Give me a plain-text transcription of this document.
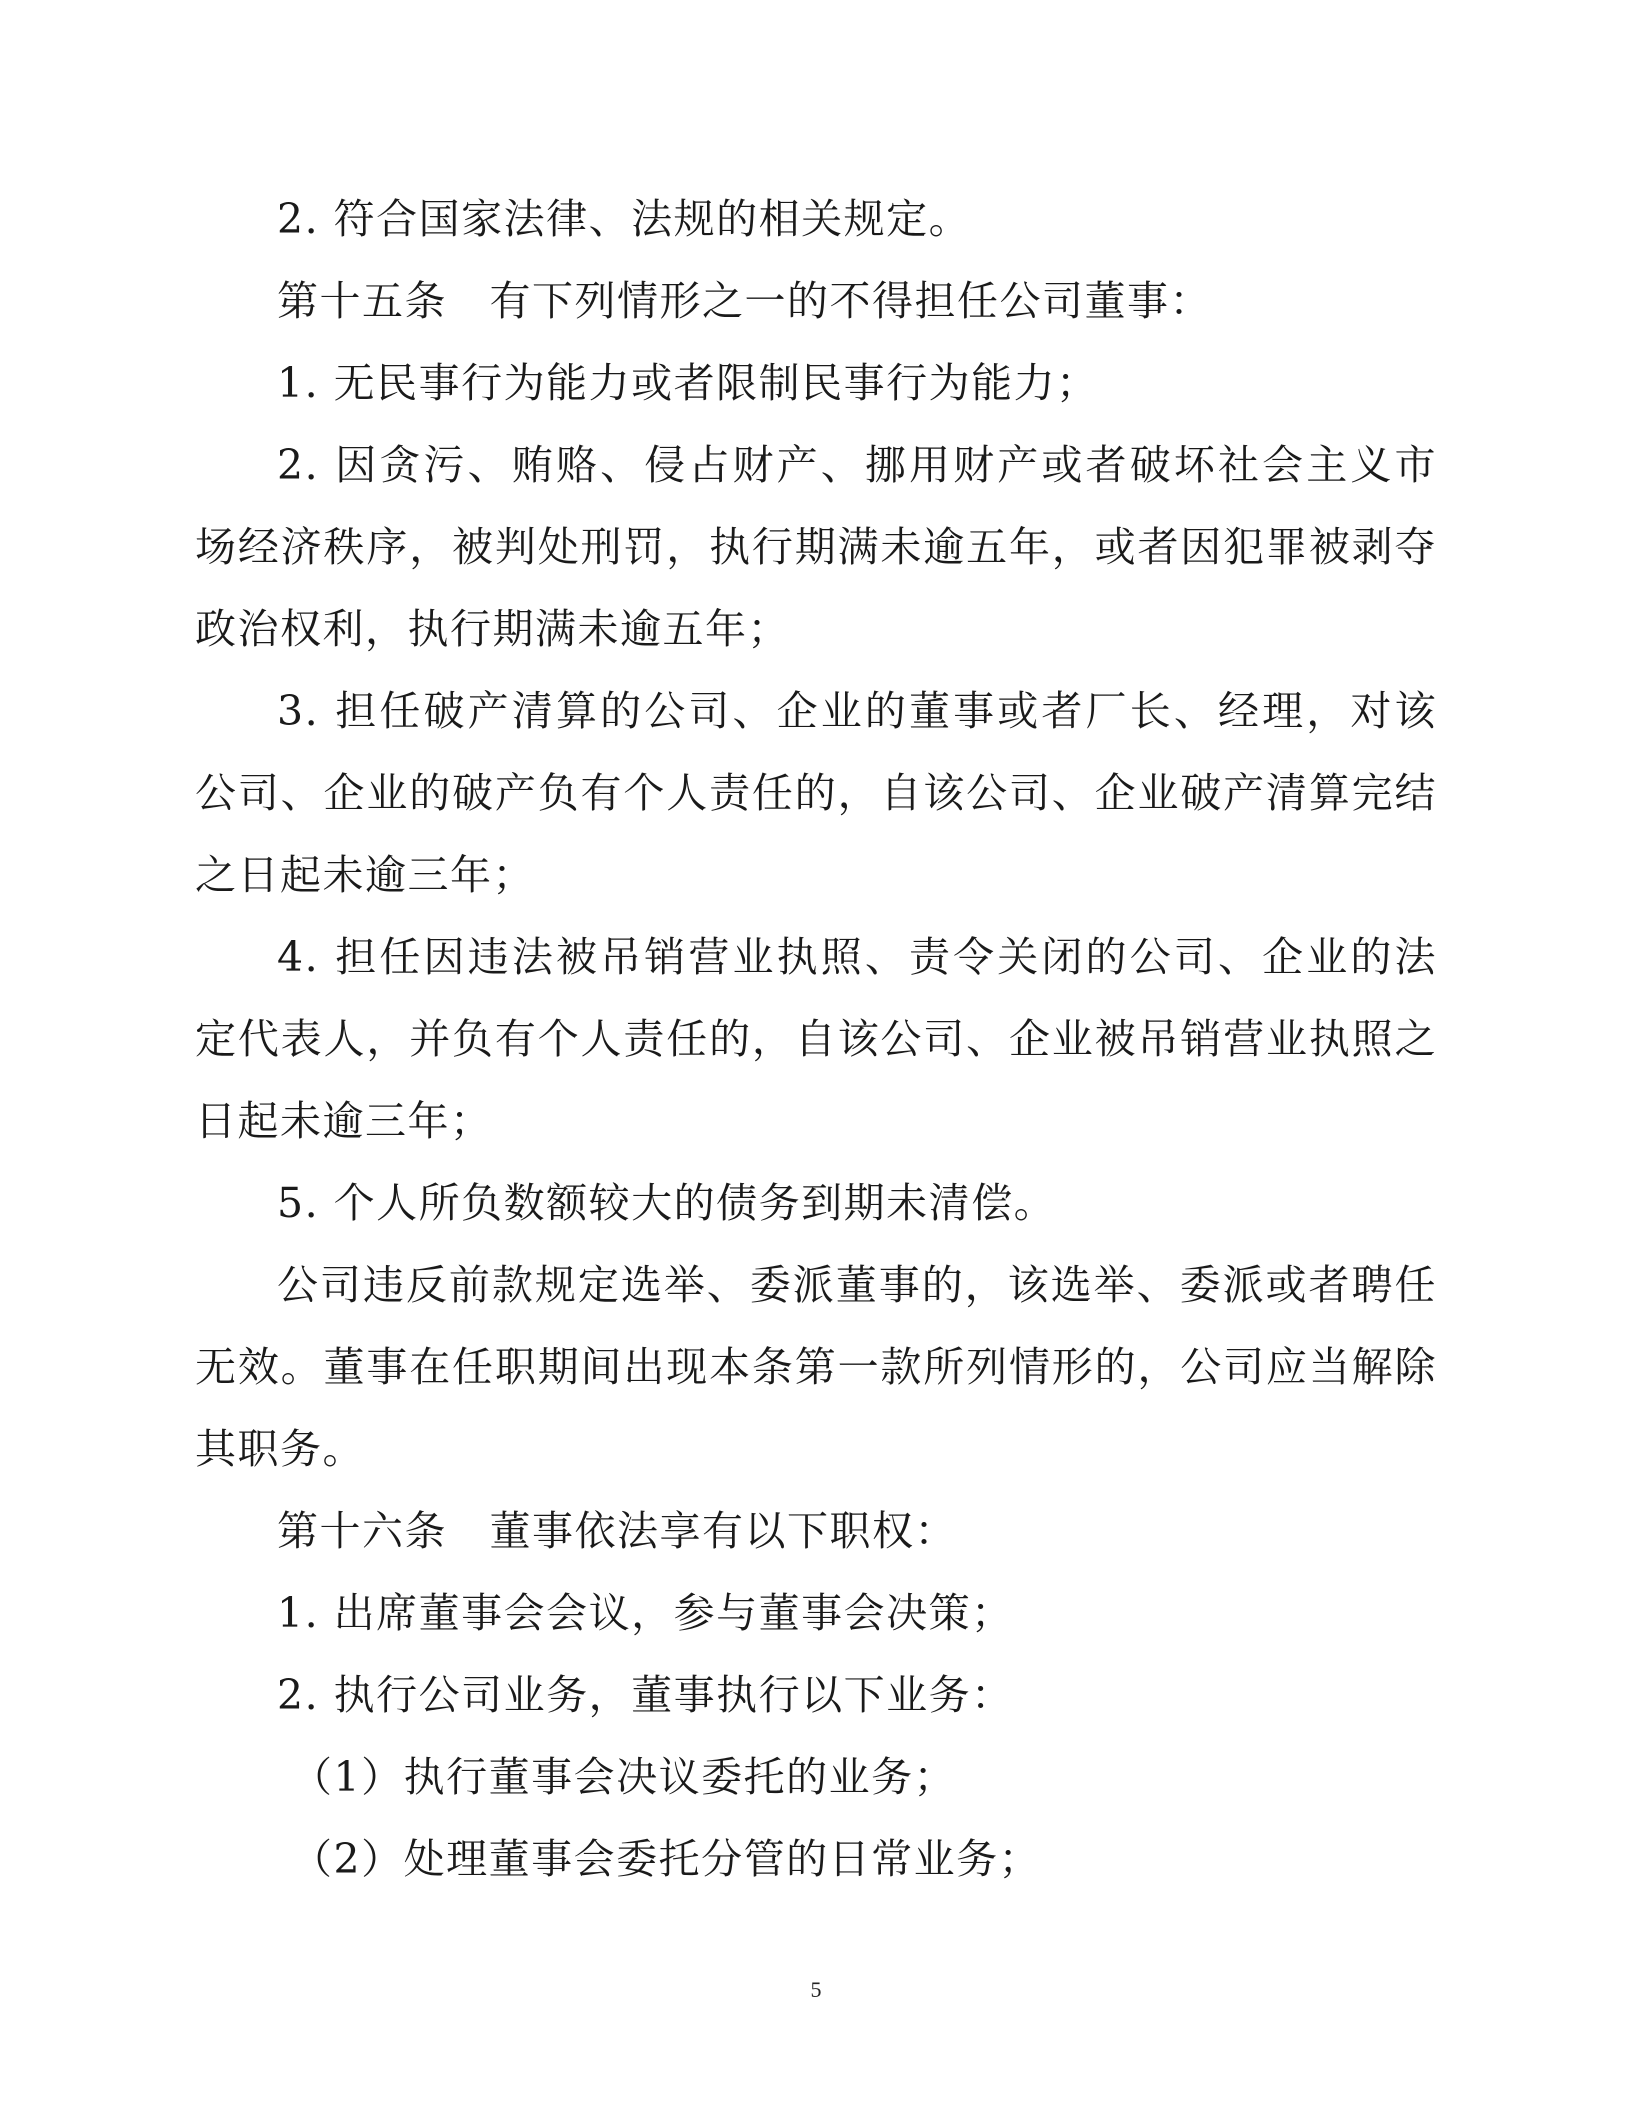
2. 符合国家法律、法规的相关规定。

第十五条　有下列情形之一的不得担任公司董事：

1. 无民事行为能力或者限制民事行为能力；

2. 因贪污、贿赂、侵占财产、挪用财产或者破坏社会主义市场经济秩序，被判处刑罚，执行期满未逾五年，或者因犯罪被剥夺政治权利，执行期满未逾五年；

3. 担任破产清算的公司、企业的董事或者厂长、经理，对该公司、企业的破产负有个人责任的，自该公司、企业破产清算完结之日起未逾三年；

4. 担任因违法被吊销营业执照、责令关闭的公司、企业的法定代表人，并负有个人责任的，自该公司、企业被吊销营业执照之日起未逾三年；

5. 个人所负数额较大的债务到期未清偿。

公司违反前款规定选举、委派董事的，该选举、委派或者聘任无效。董事在任职期间出现本条第一款所列情形的，公司应当解除其职务。

第十六条　董事依法享有以下职权：

1. 出席董事会会议，参与董事会决策；

2. 执行公司业务，董事执行以下业务：

（1）执行董事会决议委托的业务；

（2）处理董事会委托分管的日常业务；

5
